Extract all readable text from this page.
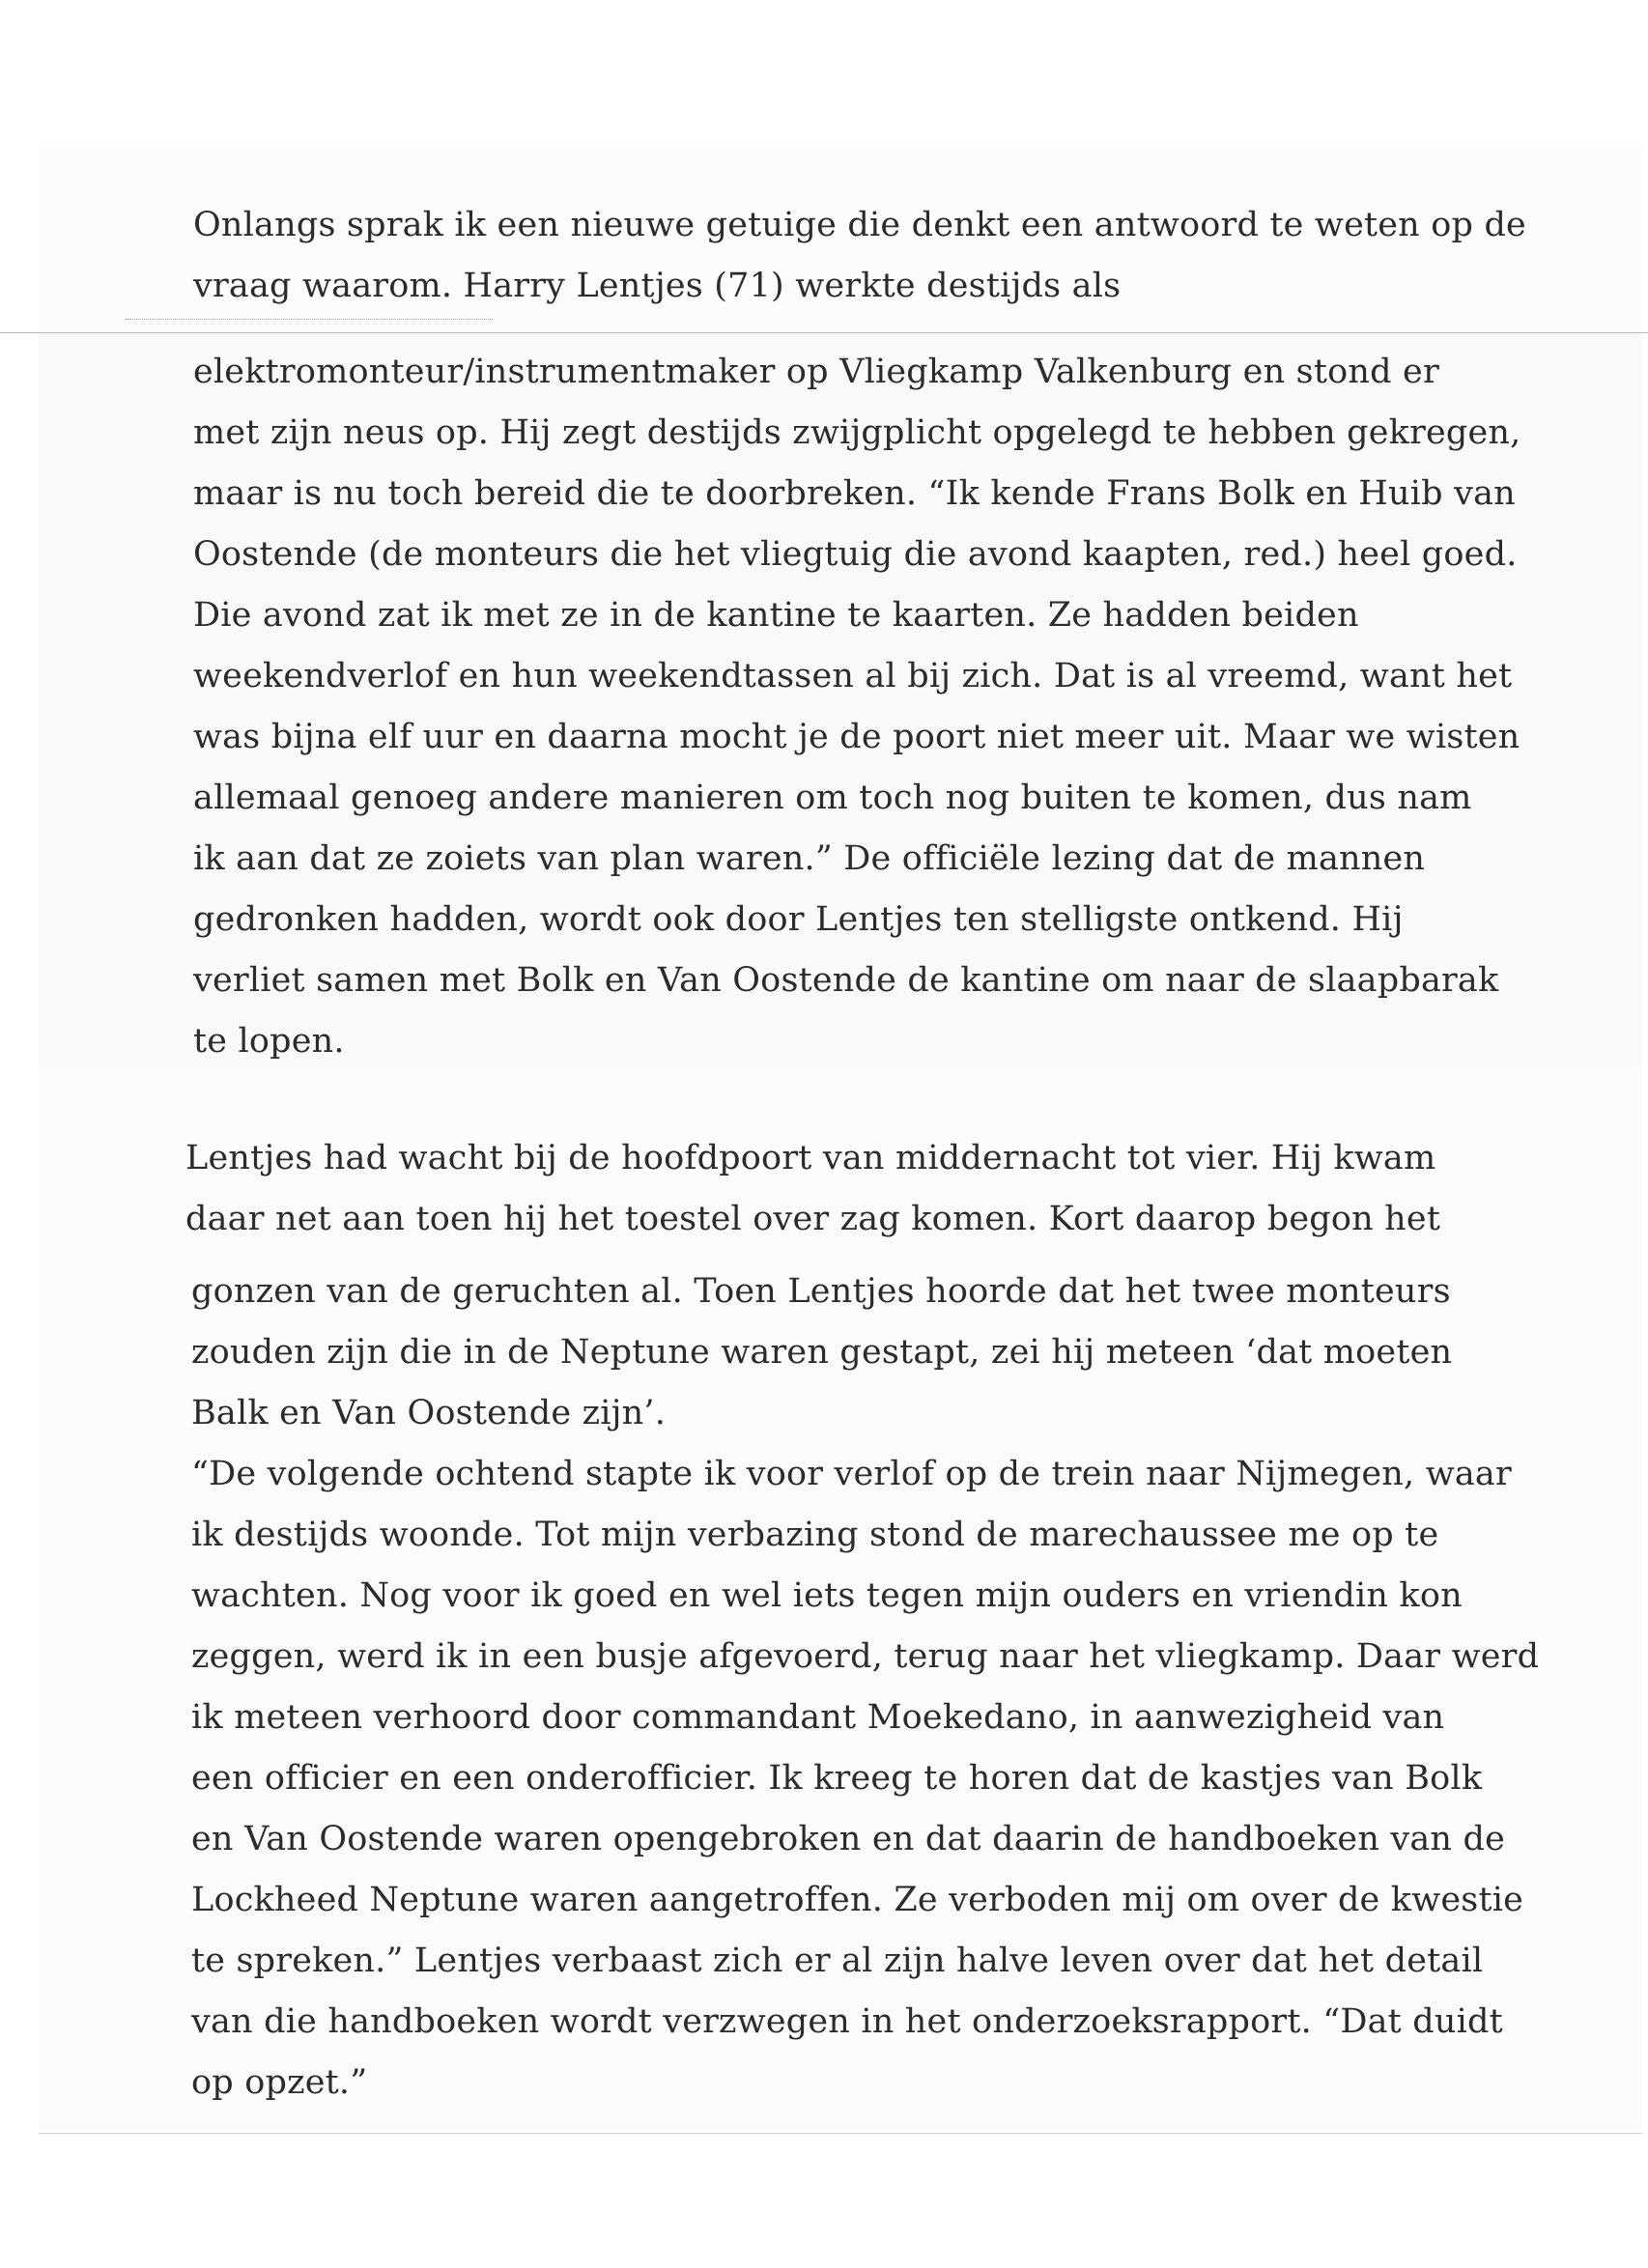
Onlangs sprak ik een nieuwe getuige die denkt een antwoord te weten op de
vraag waarom. Harry Lentjes (71) werkte destijds als

elektromonteur/instrumentmaker op Vliegkamp Valkenburg en stond er
met zijn neus op. Hij zegt destijds zwijgplicht opgelegd te hebben gekregen,
maar is nu toch bereid die te doorbreken. “Ik kende Frans Bolk en Huib van
Oostende (de monteurs die het vliegtuig die avond kaapten, red.) heel goed.
Die avond zat ik met ze in de kantine te kaarten. Ze hadden beiden
weekendverlof en hun weekendtassen al bij zich. Dat is al vreemd, want het
was bijna elf uur en daarna mocht je de poort niet meer uit. Maar we wisten
allemaal genoeg andere manieren om toch nog buiten te komen, dus nam
ik aan dat ze zoiets van plan waren.” De officiële lezing dat de mannen
gedronken hadden, wordt ook door Lentjes ten stelligste ontkend. Hij
verliet samen met Bolk en Van Oostende de kantine om naar de slaapbarak
te lopen.

Lentjes had wacht bij de hoofdpoort van middernacht tot vier. Hij kwam
daar net aan toen hij het toestel over zag komen. Kort daarop begon het

gonzen van de geruchten al. Toen Lentjes hoorde dat het twee monteurs
zouden zijn die in de Neptune waren gestapt, zei hij meteen ‘dat moeten
Balk en Van Oostende zijn’.
“De volgende ochtend stapte ik voor verlof op de trein naar Nijmegen, waar
ik destijds woonde. Tot mijn verbazing stond de marechaussee me op te
wachten. Nog voor ik goed en wel iets tegen mijn ouders en vriendin kon
zeggen, werd ik in een busje afgevoerd, terug naar het vliegkamp. Daar werd
ik meteen verhoord door commandant Moekedano, in aanwezigheid van
een officier en een onderofficier. Ik kreeg te horen dat de kastjes van Bolk
en Van Oostende waren opengebroken en dat daarin de handboeken van de
Lockheed Neptune waren aangetroffen. Ze verboden mij om over de kwestie
te spreken.” Lentjes verbaast zich er al zijn halve leven over dat het detail
van die handboeken wordt verzwegen in het onderzoeksrapport. “Dat duidt
op opzet.”
